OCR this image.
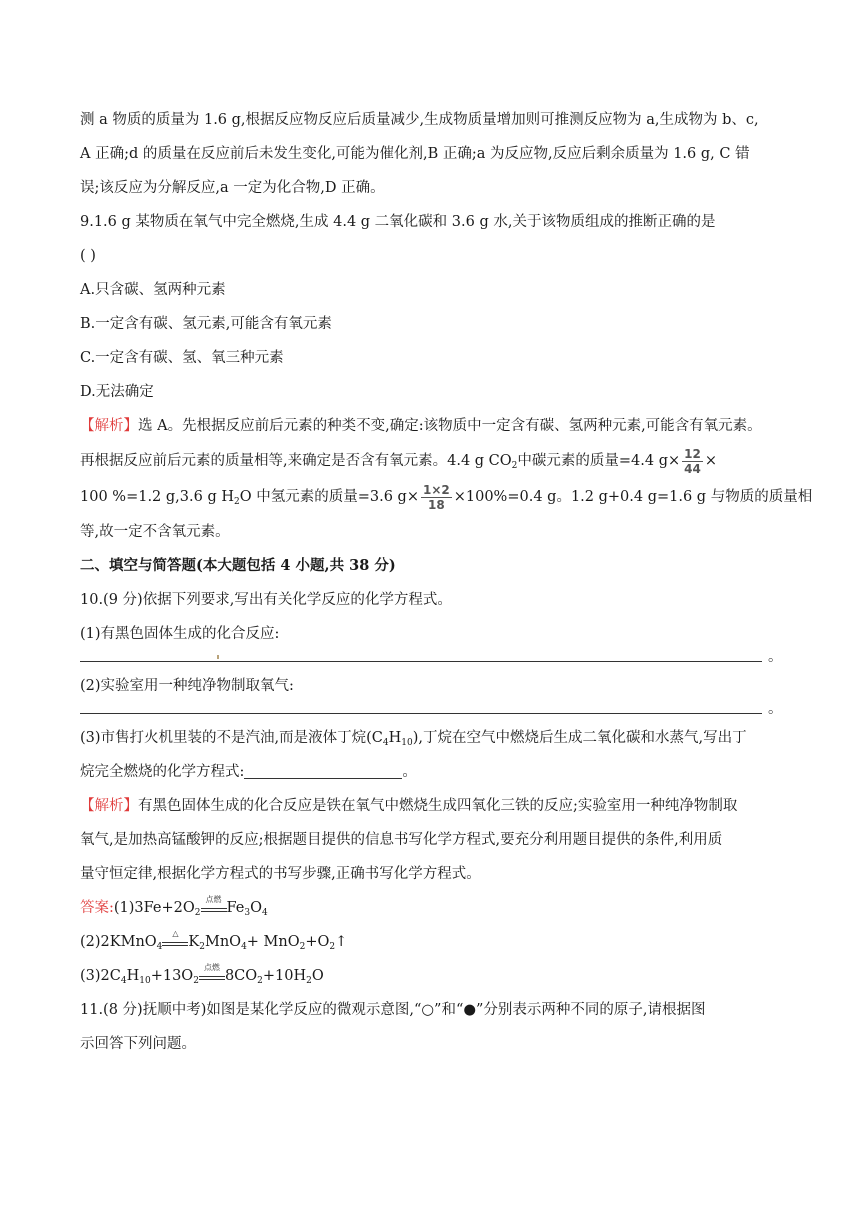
测 a 物质的质量为 1.6 g,根据反应物反应后质量减少,生成物质量增加则可推测反应物为 a,生成物为 b、c,
A 正确;d 的质量在反应前后未发生变化,可能为催化剂,B 正确;a 为反应物,反应后剩余质量为 1.6 g, C 错
误;该反应为分解反应,a 一定为化合物,D 正确。
9.1.6 g 某物质在氧气中完全燃烧,生成 4.4 g 二氧化碳和 3.6 g 水,关于该物质组成的推断正确的是
( )
A.只含碳、氢两种元素
B.一定含有碳、氢元素,可能含有氧元素
C.一定含有碳、氢、氧三种元素
D.无法确定
【解析】选 A。先根据反应前后元素的种类不变,确定:该物质中一定含有碳、氢两种元素,可能含有氧元素。
再根据反应前后元素的质量相等,来确定是否含有氧元素。4.4 g $CO_2$中碳元素的质量=4.4 $g\times \frac{12}{44}$ ×
100 %=1.2 g,3.6 g $H_2O$ 中氢元素的质量=3.6 $g\times \frac{1\times 2}{18} \times 100\%=0.4$ g。1.2 g+0.4 g=1.6 g 与物质的质量相
等,故一定不含氧元素。
二、填空与简答题(本大题包括 4 小题,共 38 分)
10.(9 分)依据下列要求,写出有关化学反应的化学方程式。
(1)有黑色固体生成的化合反应:
。
(2)实验室用一种纯净物制取氧气:
。
(3)市售打火机里装的不是汽油,而是液体丁烷$(C_4H_{10})$,丁烷在空气中燃烧后生成二氧化碳和水蒸气,写出丁
烷完全燃烧的化学方程式:	。
【解析】有黑色固体生成的化合反应是铁在氧气中燃烧生成四氧化三铁的反应;实验室用一种纯净物制取
氧气,是加热高锰酸钾的反应;根据题目提供的信息书写化学方程式,要充分利用题目提供的条件,利用质
量守恒定律,根据化学方程式的书写步骤,正确书写化学方程式。
答案$:(1)3Fe+2O_2$
点燃
$Fe_3O_4$
(2)2KMnO$_4$
△
$K_2MnO_4+$ $MnO_2+O_2↑$
$(3)2C_4H_{10}+13O_2$
点燃
$8CO_2+10H_2O$
11.(8 分)抚顺中考)如图是某化学反应的微观示意图,“○”和“●”分别表示两种不同的原子,请根据图
示回答下列问题。
